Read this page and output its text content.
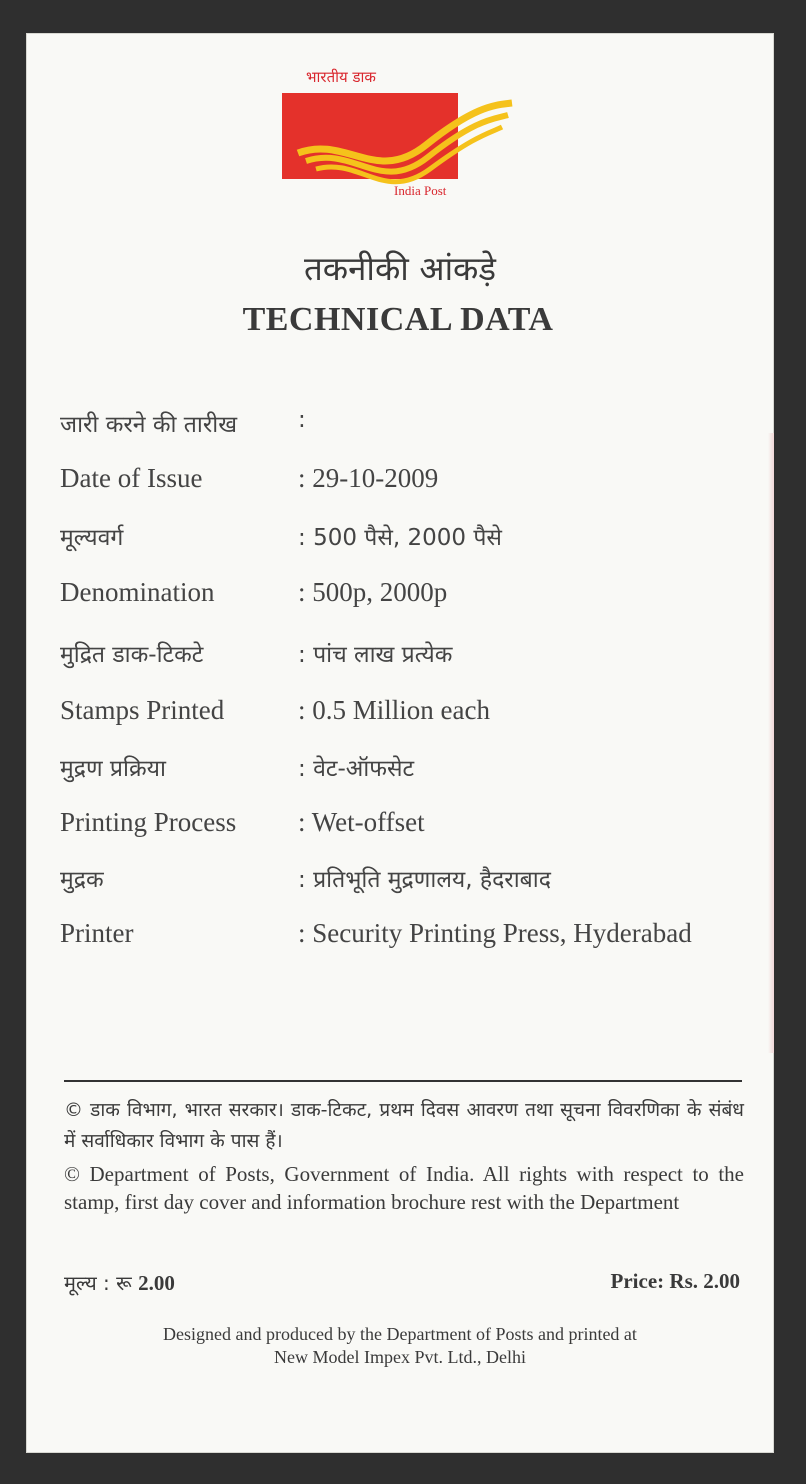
भारतीय डाक
India Post
तकनीकी आंकड़े
TECHNICAL DATA
जारी करने की तारीख	:
Date of Issue	: 29-10-2009
मूल्यवर्ग	: 500 पैसे, 2000 पैसे
Denomination	: 500p, 2000p
मुद्रित डाक-टिकटे	: पांच लाख प्रत्येक
Stamps Printed	: 0.5 Million each
मुद्रण प्रक्रिया	: वेट-ऑफसेट
Printing Process : Wet-offset
मुद्रक	: प्रतिभूति मुद्रणालय, हैदराबाद
Printer	: Security Printing Press, Hyderabad
© डाक विभाग, भारत सरकार। डाक-टिकट, प्रथम दिवस आवरण तथा सूचना विवरणिका के संबंध में सर्वाधिकार विभाग के पास हैं।
© Department of Posts, Government of India. All rights with respect to the stamp, first day cover and information brochure rest with the Department
मूल्य : रू 2.00	Price: Rs. 2.00
Designed and produced by the Department of Posts and printed at
New Model Impex Pvt. Ltd., Delhi
